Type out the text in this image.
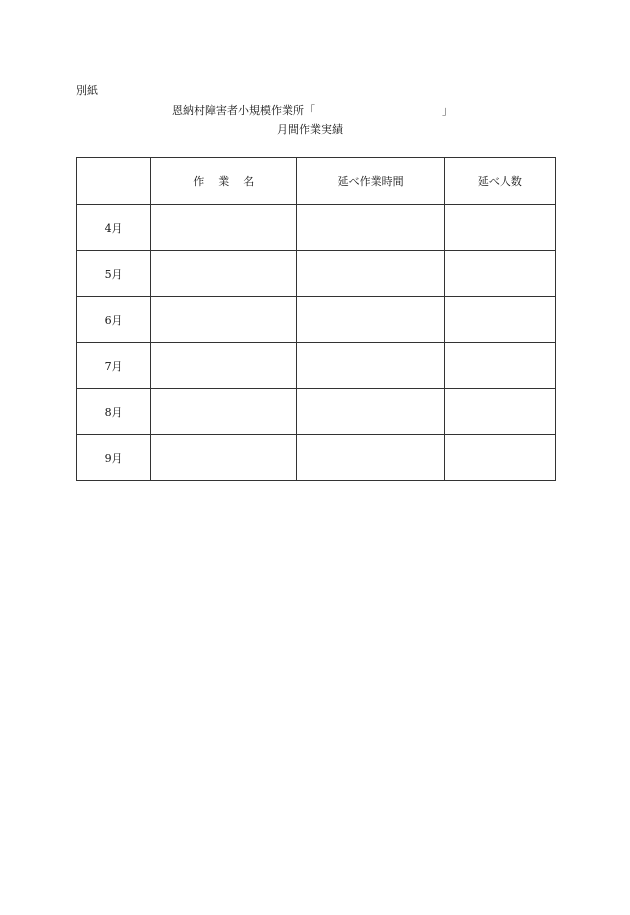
別紙
恩納村障害者小規模作業所「	」
月間作業実績
	作業名	延べ作業時間	延べ人数
4月			
5月			
6月			
7月			
8月			
9月			
